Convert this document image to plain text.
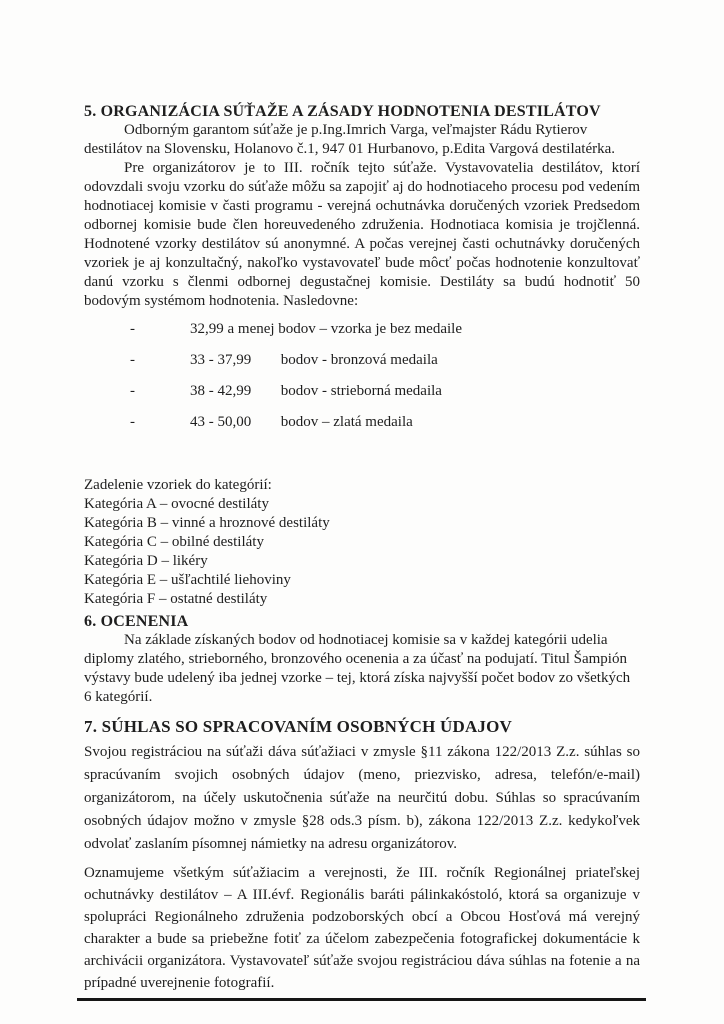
5. ORGANIZÁCIA SÚŤAŽE A ZÁSADY HODNOTENIA DESTILÁTOV

Odborným garantom súťaže je p.Ing.Imrich Varga, veľmajster Rádu Rytierov destilátov na Slovensku, Holanovo č.1, 947 01 Hurbanovo, p.Edita Vargová destilatérka.

Pre organizátorov je to III. ročník tejto súťaže. Vystavovatelia destilátov, ktorí odovzdali svoju vzorku do súťaže môžu sa zapojiť aj do hodnotiaceho procesu pod vedením hodnotiacej komisie v časti programu - verejná ochutnávka doručených vzoriek Predsedom odbornej komisie bude člen horeuvedeného združenia. Hodnotiaca komisia je trojčlenná. Hodnotené vzorky destilátov sú anonymné. A počas verejnej časti ochutnávky doručených vzoriek je aj konzultačný, nakoľko vystavovateľ bude môcť počas hodnotenie konzultovať danú vzorku s členmi odbornej degustačnej komisie. Destiláty sa budú hodnotiť 50 bodovým systémom hodnotenia. Nasledovne:

-	32,99 a menej bodov – vzorka je bez medaile
-	33 - 37,99 bodov - bronzová medaila
-	38 - 42,99 bodov - strieborná medaila
-	43 - 50,00 bodov – zlatá medaila
Zadelenie vzoriek do kategórií:
Kategória A – ovocné destiláty
Kategória B – vinné a hroznové destiláty
Kategória C – obilné destiláty
Kategória D – likéry
Kategória E – ušľachtilé liehoviny
Kategória F – ostatné destiláty
6. OCENENIA

Na základe získaných bodov od hodnotiacej komisie sa v každej kategórii udelia diplomy zlatého, strieborného, bronzového ocenenia a za účasť na podujatí. Titul Šampión výstavy bude udelený iba jednej vzorke – tej, ktorá získa najvyšší počet bodov zo všetkých 6 kategórií.

7. SÚHLAS SO SPRACOVANÍM OSOBNÝCH ÚDAJOV

Svojou registráciou na súťaži dáva súťažiaci v zmysle §11 zákona 122/2013 Z.z. súhlas so spracúvaním svojich osobných údajov (meno, priezvisko, adresa, telefón/e-mail) organizátorom, na účely uskutočnenia súťaže na neurčitú dobu. Súhlas so spracúvaním osobných údajov možno v zmysle §28 ods.3 písm. b), zákona 122/2013 Z.z. kedykoľvek odvolať zaslaním písomnej námietky na adresu organizátorov.

Oznamujeme všetkým súťažiacim a verejnosti, že III. ročník Regionálnej priateľskej ochutnávky destilátov – A III.évf. Regionális baráti pálinkakóstoló, ktorá sa organizuje v spolupráci Regionálneho združenia podzoborských obcí a Obcou Hosťová má verejný charakter a bude sa priebežne fotiť za účelom zabezpečenia fotografickej dokumentácie k archivácii organizátora. Vystavovateľ súťaže svojou registráciou dáva súhlas na fotenie a na prípadné uverejnenie fotografií.
